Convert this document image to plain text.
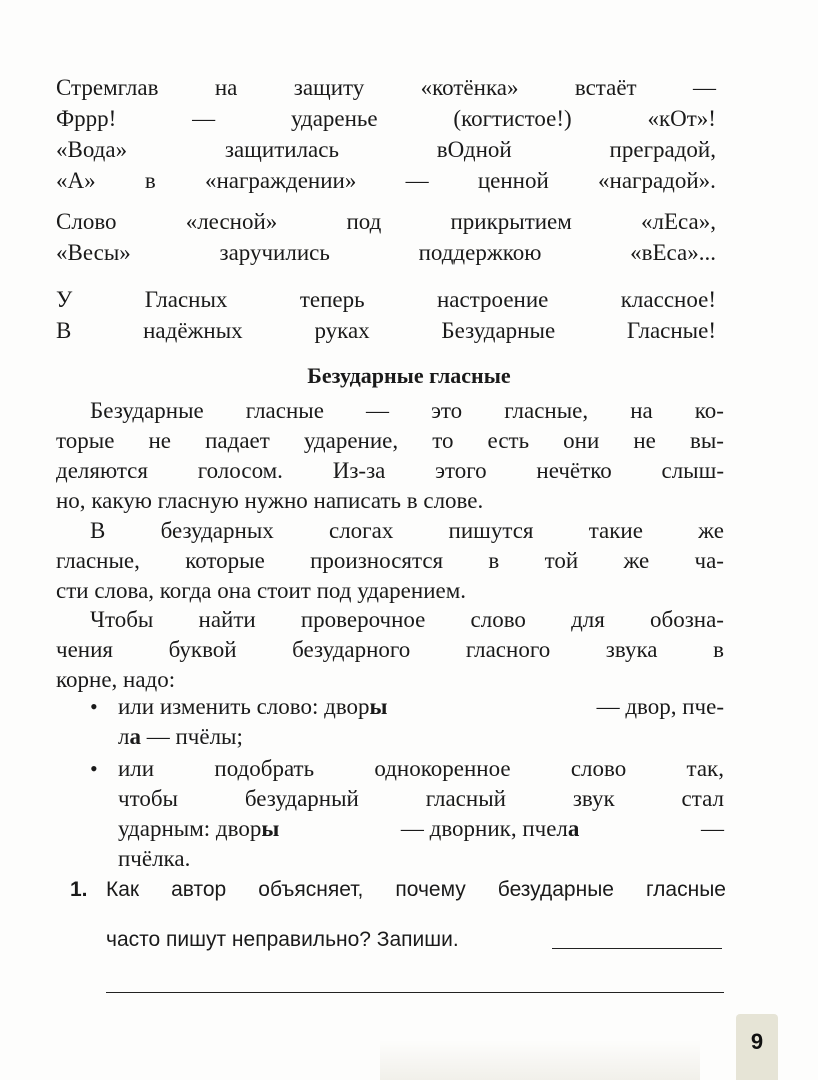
Стремглав на защиту «котёнка» встаёт —
Фррр!	—	ударенье	(когтистое!)	«кОт»!
«Вода»	защитилась	вОдной	преградой,
«А» в «награждении» — ценной «наградой».
Слово	«лесной»	под	прикрытием	«лЕса»,
«Весы»	заручились	поддержкою	«вЕса»...
У	Гласных	теперь	настроение	классное!
В	надёжных	руках	Безударные	Гласные!
Безударные гласные
Безударные гласные — это гласные, на ко-
торые не падает ударение, то есть они не вы-
деляются голосом. Из-за этого нечётко слыш-
но, какую гласную нужно написать в слове.
В безударных слогах пишутся такие же
гласные, которые произносятся в той же ча-
сти слова, когда она стоит под ударением.
Чтобы найти проверочное слово для обозна-
чения буквой безударного гласного звука в
корне, надо:
• или изменить слово: дворы	— двор, пче-
ла — пчёлы;
• или	подобрать	однокоренное	слово	так,
чтобы	безударный	гласный	звук	стал
ударным: дворы	— дворник, пчела	—
пчёлка.
1. Как автор объясняет, почему безударные гласные
часто пишут неправильно? Запиши.
9
